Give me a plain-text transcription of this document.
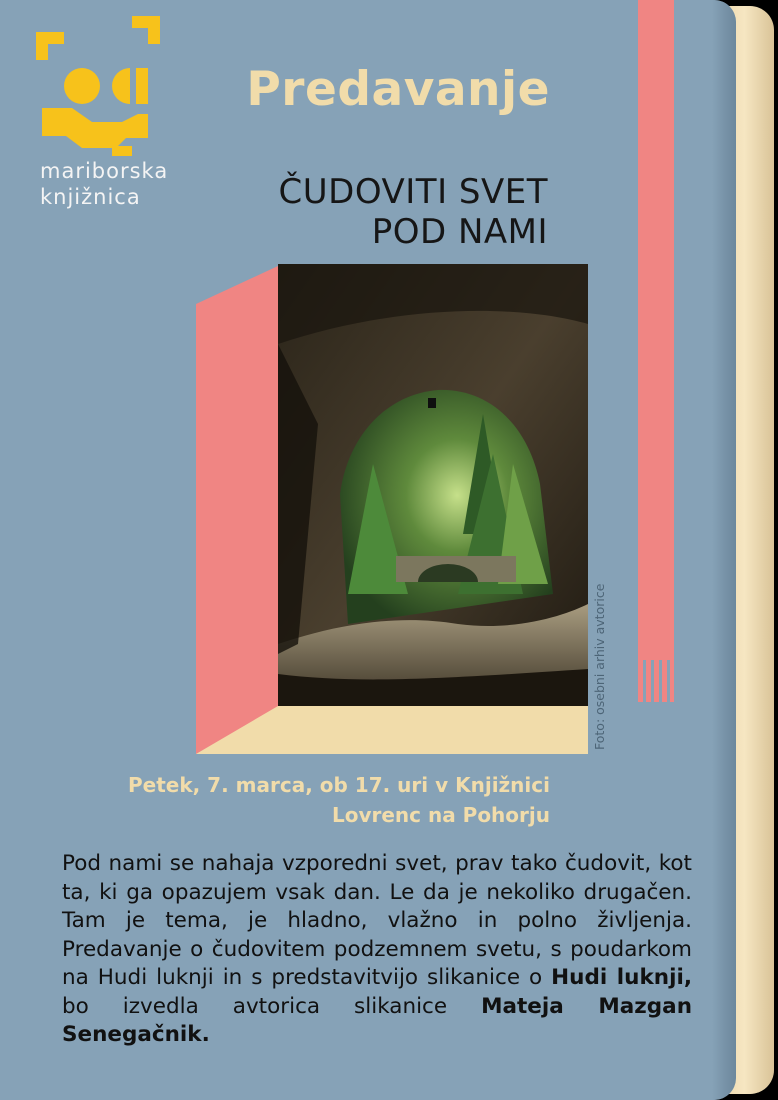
mariborska
knjižnica
Predavanje
ČUDOVITI SVET
POD NAMI
Foto: osebni arhiv avtorice
Petek, 7. marca, ob 17. uri v Knjižnici
Lovrenc na Pohorju

Pod nami se nahaja vzporedni svet, prav tako čudovit, kot ta, ki ga opazujem vsak dan. Le da je nekoliko drugačen. Tam je tema, je hladno, vlažno in polno življenja. Predavanje o čudovitem podzemnem svetu, s poudarkom na Hudi luknji in s predstavitvijo slikanice o Hudi luknji, bo izvedla avtorica slikanice Mateja Mazgan Senegačnik.
